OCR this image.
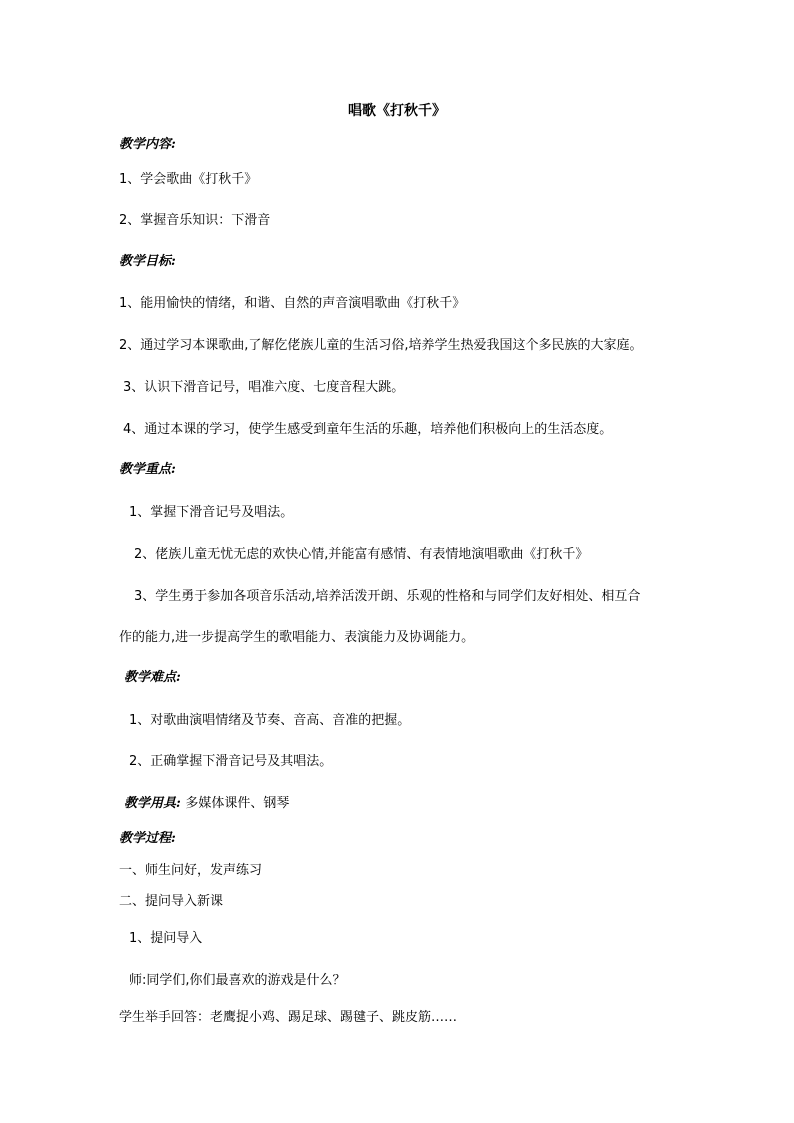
唱歌《打秋千》

教学内容:

1、学会歌曲《打秋千》

2、掌握音乐知识：下滑音

教学目标:

1、能用愉快的情绪，和谐、自然的声音演唱歌曲《打秋千》

2、通过学习本课歌曲,了解仡佬族儿童的生活习俗,培养学生热爱我国这个多民族的大家庭。

3、认识下滑音记号，唱准六度、七度音程大跳。

4、通过本课的学习，使学生感受到童年生活的乐趣，培养他们积极向上的生活态度。

教学重点:

1、掌握下滑音记号及唱法。

2、佬族儿童无忧无虑的欢快心情,并能富有感情、有表情地演唱歌曲《打秋千》

3、学生勇于参加各项音乐活动,培养活泼开朗、乐观的性格和与同学们友好相处、相互合

作的能力,进一步提高学生的歌唱能力、表演能力及协调能力。

教学难点:

1、对歌曲演唱情绪及节奏、音高、音准的把握。

2、正确掌握下滑音记号及其唱法。

教学用具: 多媒体课件、钢琴

教学过程:

一、师生问好，发声练习

二、提问导入新课

1、提问导入

师:同学们,你们最喜欢的游戏是什么？

学生举手回答：老鹰捉小鸡、踢足球、踢毽子、跳皮筋……
